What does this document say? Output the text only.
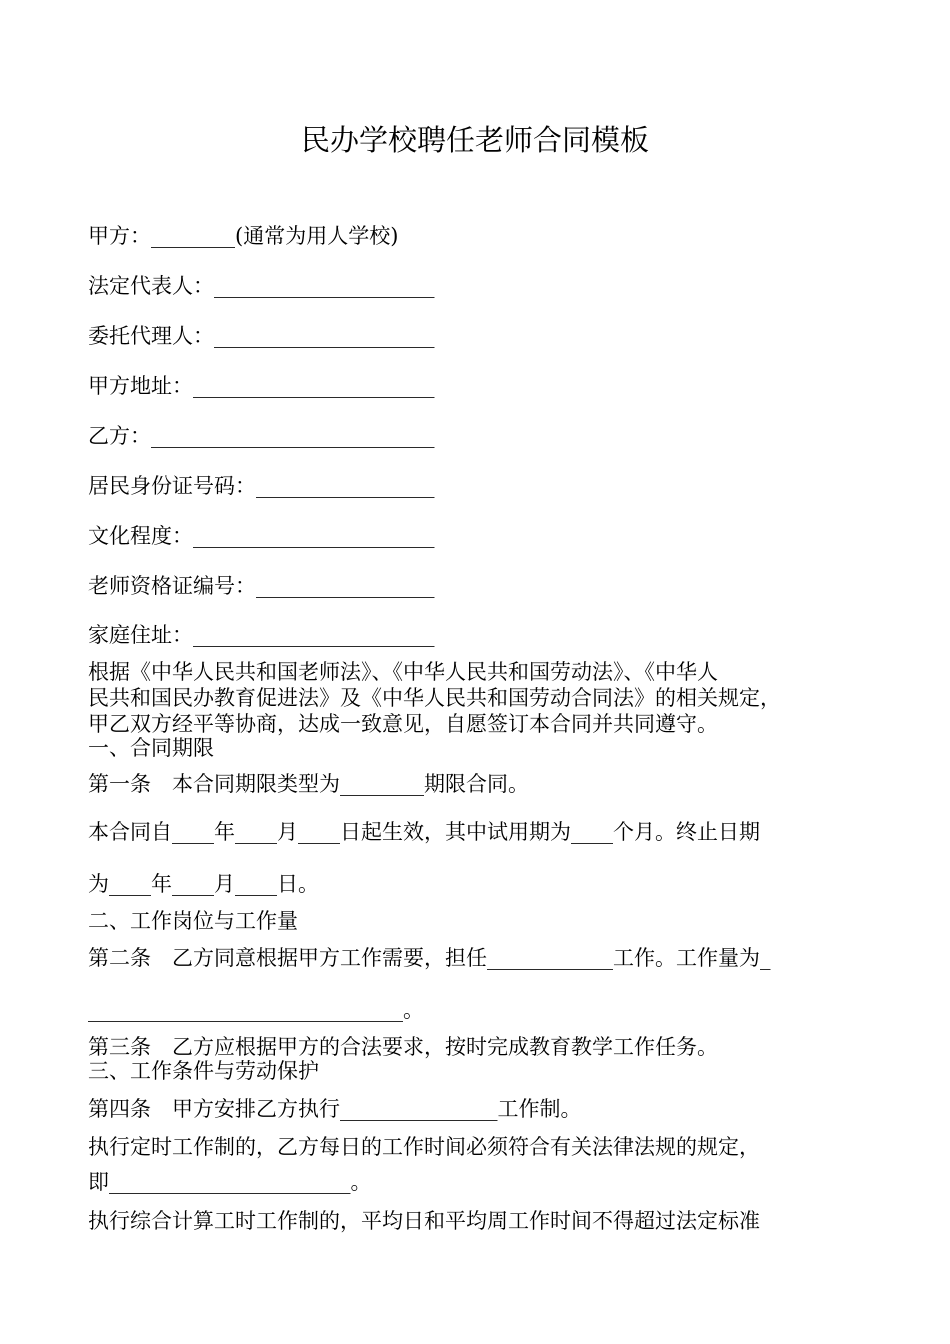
民办学校聘任老师合同模板
甲方：________(通常为用人学校)
法定代表人：_____________________
委托代理人：_____________________
甲方地址：_______________________
乙方：___________________________
居民身份证号码：_________________
文化程度：_______________________
老师资格证编号：_________________
家庭住址：_______________________
根据《中华人民共和国老师法》、《中华人民共和国劳动法》、《中华人
民共和国民办教育促进法》及《中华人民共和国劳动合同法》的相关规定，
甲乙双方经平等协商，达成一致意见，自愿签订本合同并共同遵守。
一、合同期限
第一条　本合同期限类型为________期限合同。
本合同自____年____月____日起生效，其中试用期为____个月。终止日期
为____年____月____日。
二、工作岗位与工作量
第二条　乙方同意根据甲方工作需要，担任____________工作。工作量为_
______________________________。
第三条　乙方应根据甲方的合法要求，按时完成教育教学工作任务。
三、工作条件与劳动保护
第四条　甲方安排乙方执行_______________工作制。
执行定时工作制的，乙方每日的工作时间必须符合有关法律法规的规定，
即_______________________。
执行综合计算工时工作制的，平均日和平均周工作时间不得超过法定标准
